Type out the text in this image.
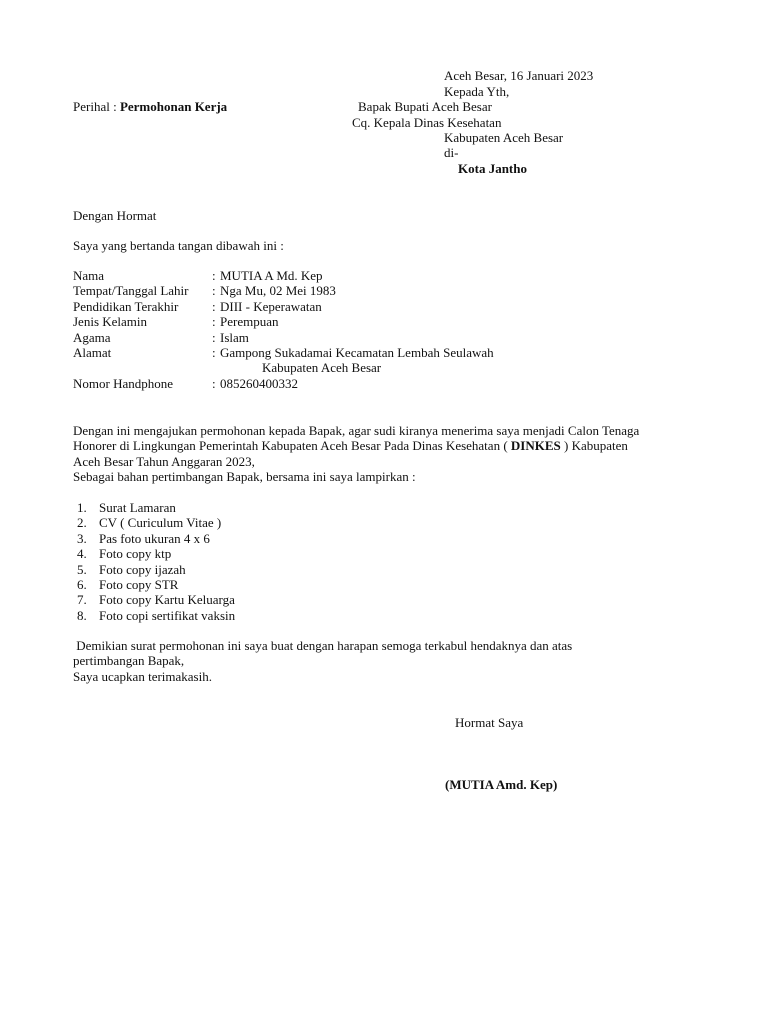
Aceh Besar, 16 Januari 2023
Kepada Yth,
Perihal : Permohonan Kerja	Bapak Bupati Aceh Besar
Cq. Kepala Dinas Kesehatan
Kabupaten Aceh Besar
di-
Kota Jantho
Dengan Hormat
Saya yang bertanda tangan dibawah ini :
Nama	: MUTIA A Md. Kep
Tempat/Tanggal Lahir : Nga Mu, 02 Mei 1983
Pendidikan Terakhir	: DIII - Keperawatan
Jenis Kelamin	: Perempuan
Agama	: Islam
Alamat	: Gampong Sukadamai Kecamatan Lembah Seulawah
Kabupaten Aceh Besar
Nomor Handphone	: 085260400332
Dengan ini mengajukan permohonan kepada Bapak, agar sudi kiranya menerima saya menjadi Calon Tenaga
Honorer di Lingkungan Pemerintah Kabupaten Aceh Besar Pada Dinas Kesehatan ( DINKES ) Kabupaten
Aceh Besar Tahun Anggaran 2023,
Sebagai bahan pertimbangan Bapak, bersama ini saya lampirkan :
1. Surat Lamaran
2. CV ( Curiculum Vitae )
3. Pas foto ukuran 4 x 6
4. Foto copy ktp
5. Foto copy ijazah
6. Foto copy STR
7. Foto copy Kartu Keluarga
8. Foto copi sertifikat vaksin
Demikian surat permohonan ini saya buat dengan harapan semoga terkabul hendaknya dan atas
pertimbangan Bapak,
Saya ucapkan terimakasih.
Hormat Saya
(MUTIA Amd. Kep)
